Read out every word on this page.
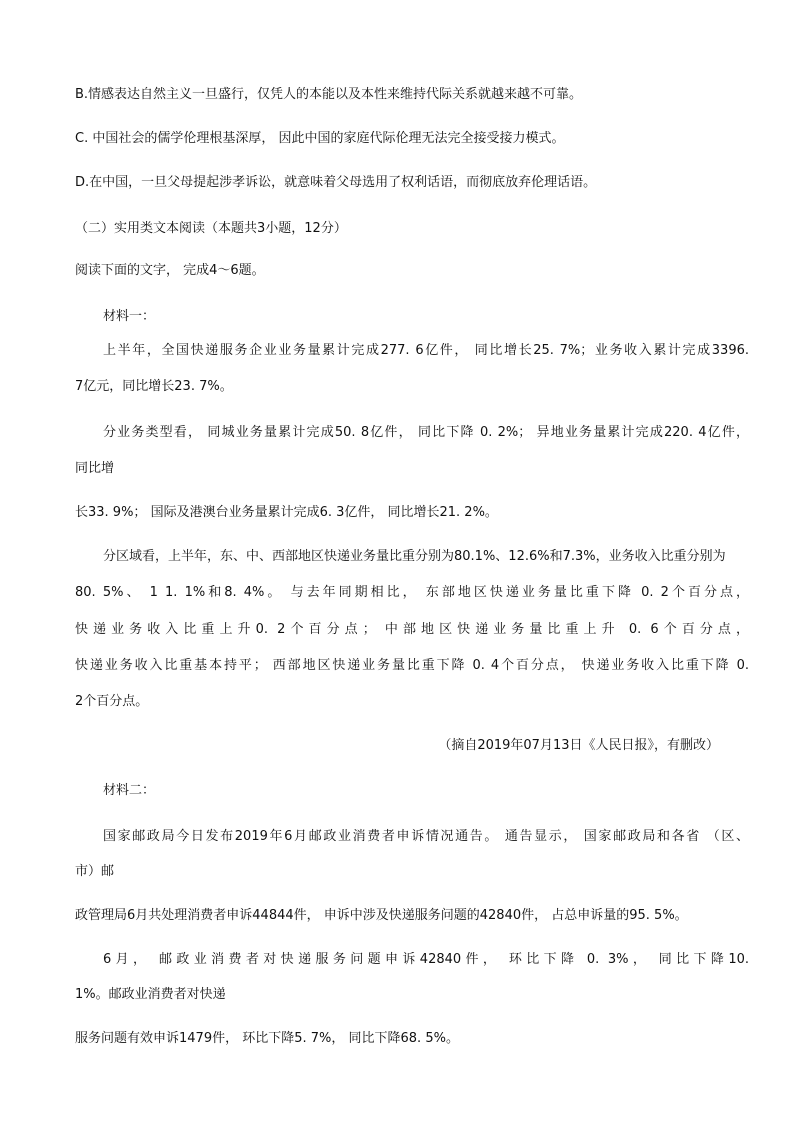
B.情感表达自然主义一旦盛行，仅凭人的本能以及本性来维持代际关系就越来越不可靠。
C. 中国社会的儒学伦理根基深厚， 因此中国的家庭代际伦理无法完全接受接力模式。
D.在中国，一旦父母提起涉孝诉讼，就意味着父母选用了权利话语，而彻底放弃伦理话语。
（二）实用类文本阅读（本题共3小题，12分）
阅读下面的文字， 完成4～6题。
材料一：
上半年，全国快递服务企业业务量累计完成277. 6亿件， 同比增长25. 7%；业务收入累计完成3396.
7亿元，同比增长23. 7%。
分业务类型看， 同城业务量累计完成50. 8亿件， 同比下降 0. 2%； 异地业务量累计完成220. 4亿件，
同比增
长33. 9%； 国际及港澳台业务量累计完成6. 3亿件， 同比增长21. 2%。
分区域看，上半年，东、中、西部地区快递业务量比重分别为80.1%、12.6%和7.3%，业务收入比重分别为
80. 5%、 1 1. 1%和8. 4%。 与去年同期相比， 东部地区快递业务量比重下降 0. 2个百分点，
快递业务收入比重上升0. 2个百分点； 中部地区快递业务量比重上升 0. 6个百分点，
快递业务收入比重基本持平； 西部地区快递业务量比重下降 0. 4个百分点， 快递业务收入比重下降 0.
2个百分点。
（摘自2019年07月13日《人民日报》，有删改）
材料二：
国家邮政局今日发布2019年6月邮政业消费者申诉情况通告。 通告显示， 国家邮政局和各省 （区、
市）邮
政管理局6月共处理消费者申诉44844件， 申诉中涉及快递服务问题的42840件， 占总申诉量的95. 5%。
6月， 邮政业消费者对快递服务问题申诉42840件， 环比下降 0. 3%， 同比下降10.
1%。邮政业消费者对快递
服务问题有效申诉1479件， 环比下降5. 7%， 同比下降68. 5%。
